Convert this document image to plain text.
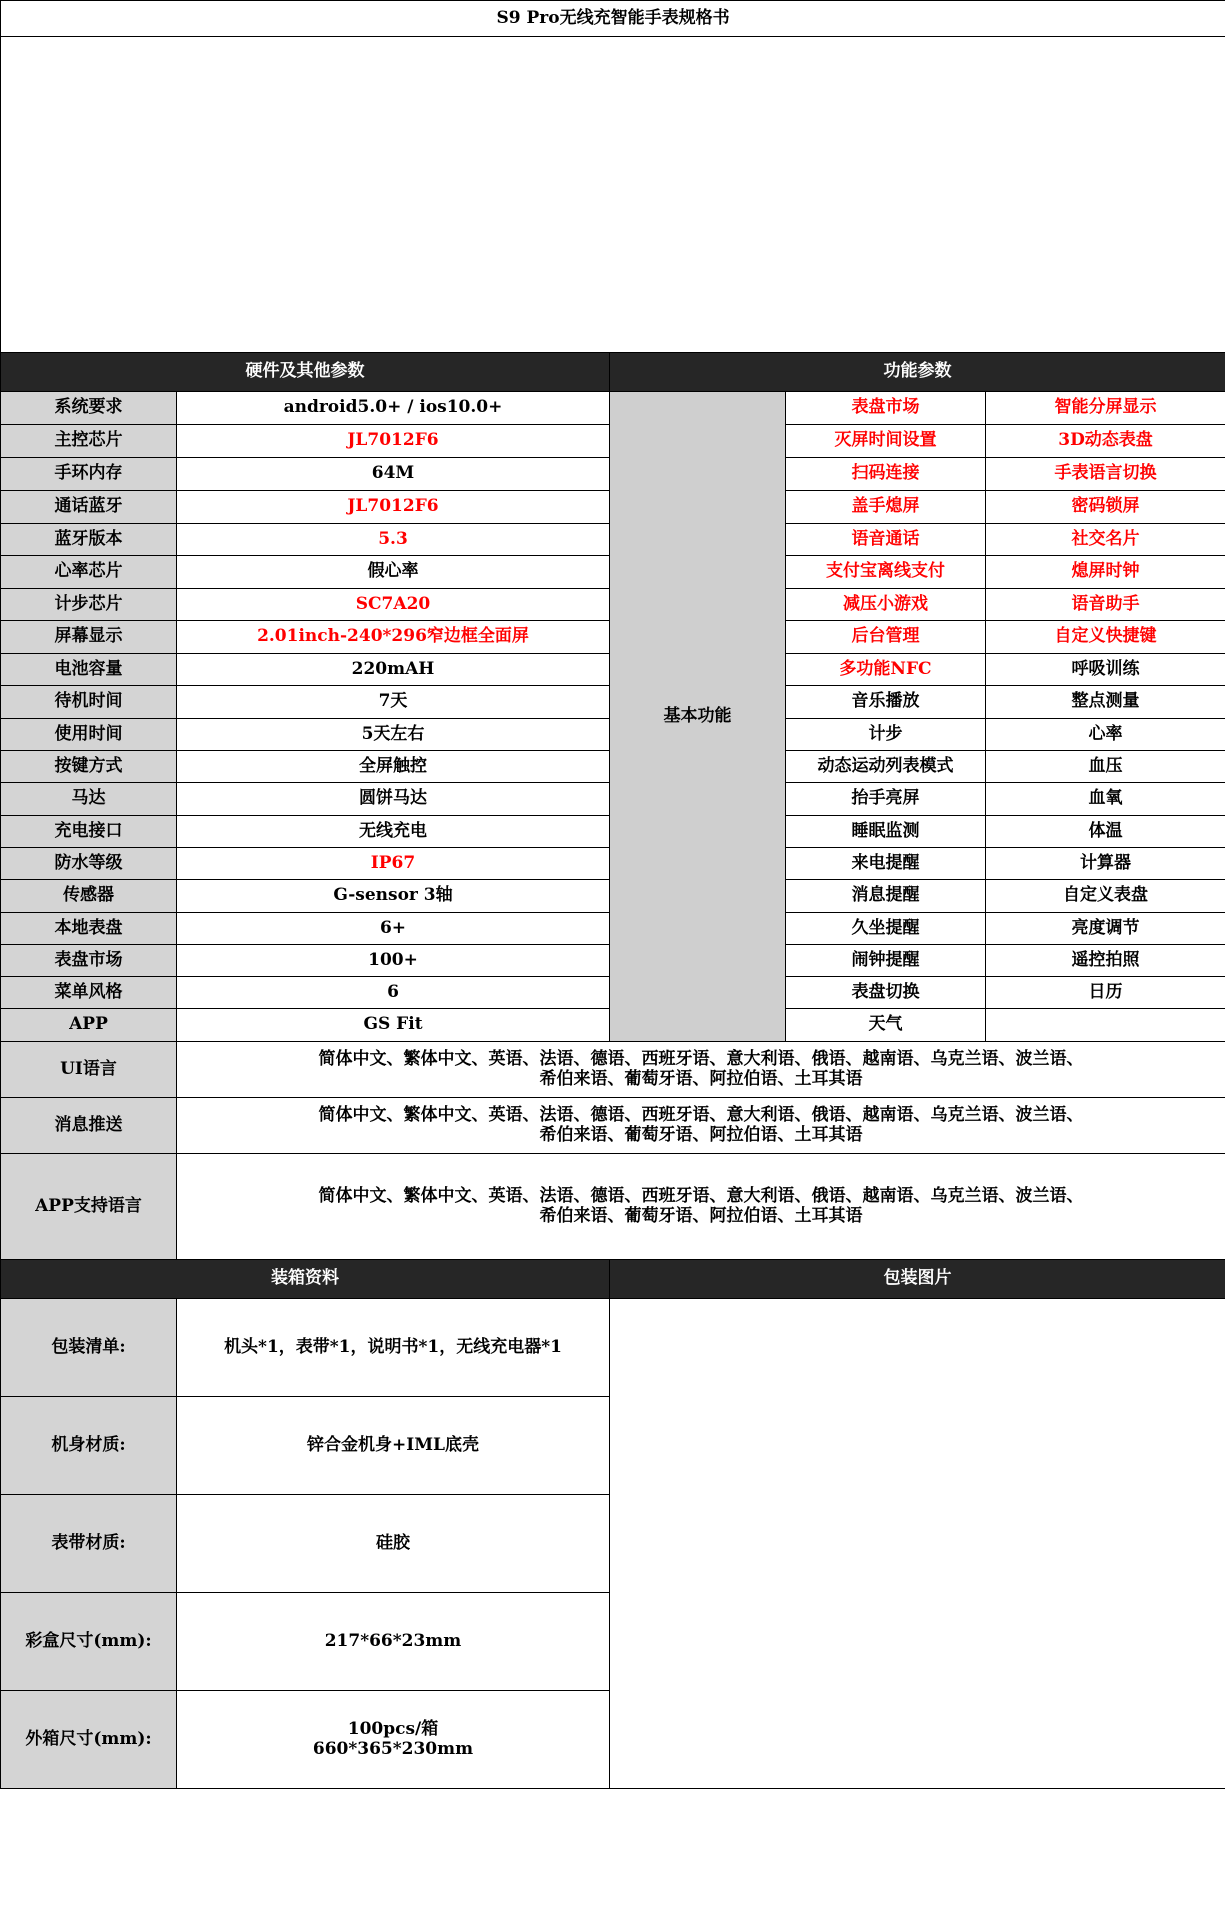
S9 Pro无线充智能手表规格书				

硬件及其他参数		功能参数		
系统要求	android5.0+ / ios10.0+	基本功能	表盘市场	智能分屏显示
主控芯片	JL7012F6		灭屏时间设置	3D动态表盘
手环内存	64M		扫码连接	手表语言切换
通话蓝牙	JL7012F6		盖手熄屏	密码锁屏
蓝牙版本	5.3		语音通话	社交名片
心率芯片	假心率		支付宝离线支付	熄屏时钟
计步芯片	SC7A20		减压小游戏	语音助手
屏幕显示	2.01inch-240*296窄边框全面屏		后台管理	自定义快捷键
电池容量	220mAH		多功能NFC	呼吸训练
待机时间	7天		音乐播放	整点测量
使用时间	5天左右		计步	心率
按键方式	全屏触控		动态运动列表模式	血压
马达	圆饼马达		抬手亮屏	血氧
充电接口	无线充电		睡眠监测	体温
防水等级	IP67		来电提醒	计算器
传感器	G-sensor 3轴		消息提醒	自定义表盘
本地表盘	6+		久坐提醒	亮度调节
表盘市场	100+		闹钟提醒	遥控拍照
菜单风格	6		表盘切换	日历
APP	GS Fit		天气	
UI语言	简体中文、繁体中文、英语、法语、德语、西班牙语、意大利语、俄语、越南语、乌克兰语、波兰语、
希伯来语、葡萄牙语、阿拉伯语、土耳其语			

消息推送	简体中文、繁体中文、英语、法语、德语、西班牙语、意大利语、俄语、越南语、乌克兰语、波兰语、
希伯来语、葡萄牙语、阿拉伯语、土耳其语			

APP支持语言	简体中文、繁体中文、英语、法语、德语、西班牙语、意大利语、俄语、越南语、乌克兰语、波兰语、
希伯来语、葡萄牙语、阿拉伯语、土耳其语			

装箱资料		包装图片		
包装清单:	机头*1，表带*1，说明书*1，无线充电器*1			

机身材质:	锌合金机身+IML底壳			

表带材质:	硅胶			

彩盒尺寸(mm):	217*66*23mm			

外箱尺寸(mm):	100pcs/箱
660*365*230mm			
